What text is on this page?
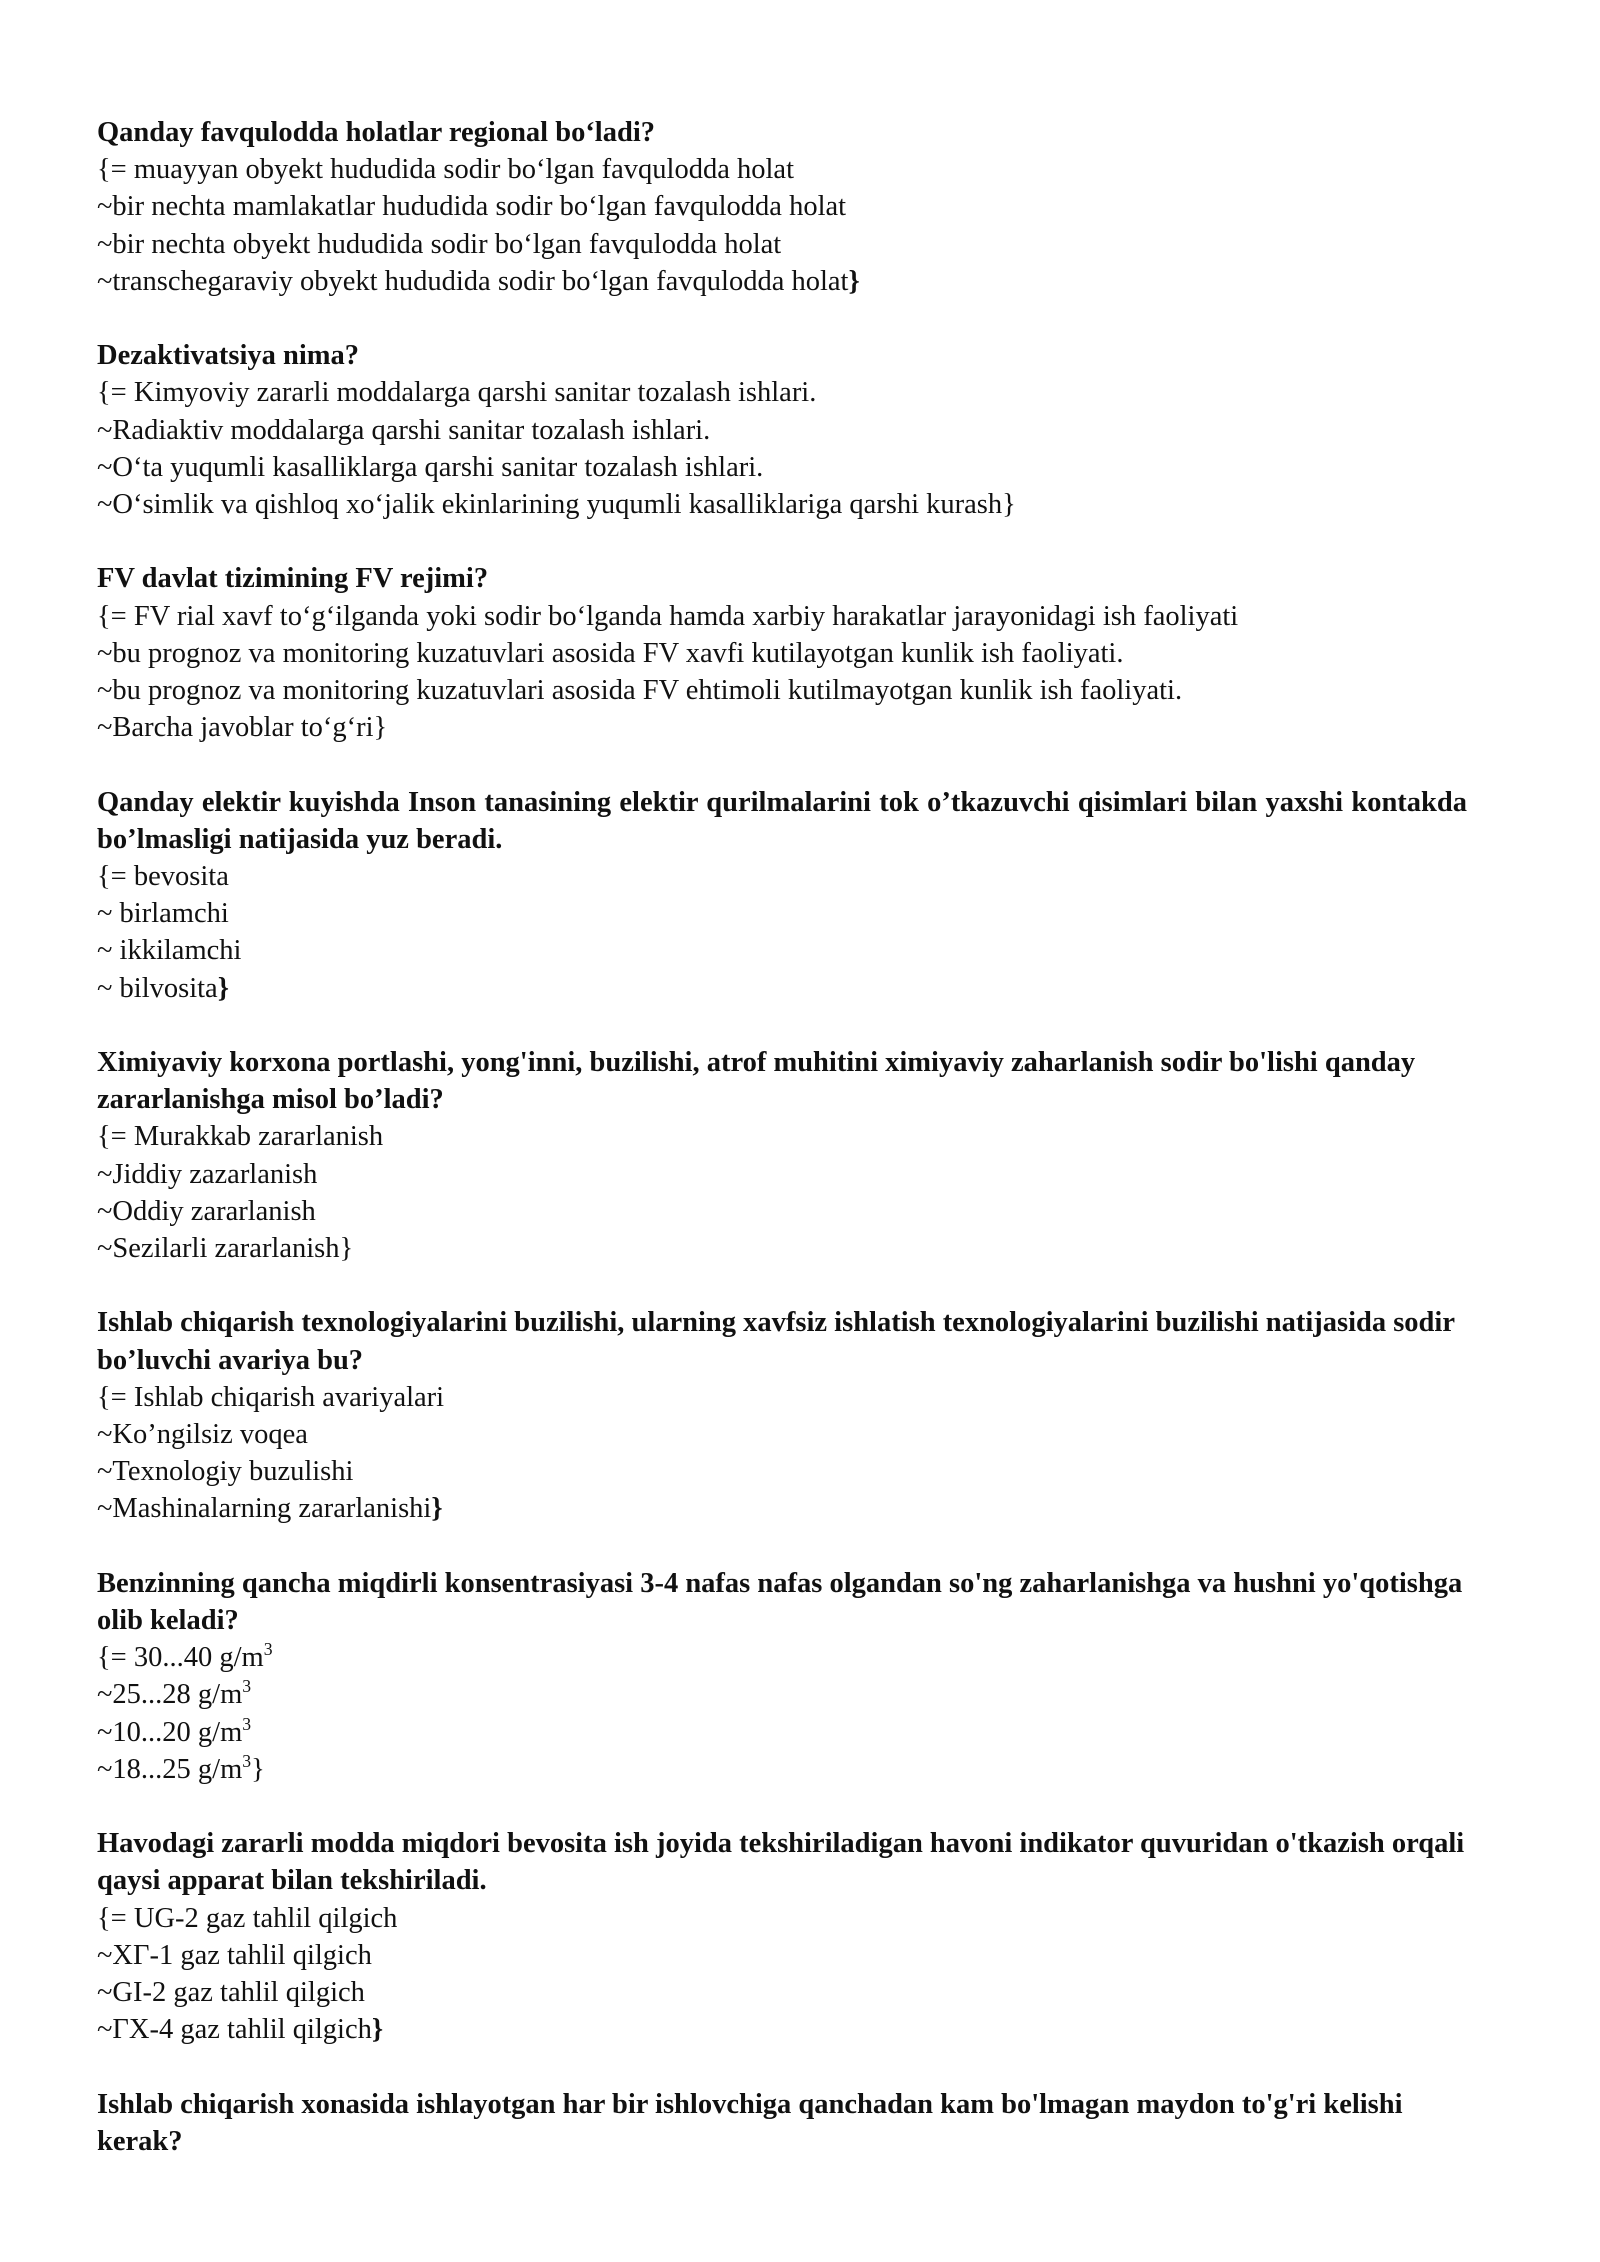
Qanday favqulodda holatlar regional bo‘ladi?

{= muayyan obyekt hududida sodir bo‘lgan favqulodda holat
~bir nechta mamlakatlar hududida sodir bo‘lgan favqulodda holat
~bir nechta obyekt hududida sodir bo‘lgan favqulodda holat
~transchegaraviy obyekt hududida sodir bo‘lgan favqulodda holat}

Dezaktivatsiya nima?

{= Kimyoviy zararli moddalarga qarshi sanitar tozalash ishlari.
~Radiaktiv moddalarga qarshi sanitar tozalash ishlari.
~O‘ta yuqumli kasalliklarga qarshi sanitar tozalash ishlari.
~O‘simlik va qishloq xo‘jalik ekinlarining yuqumli kasalliklariga qarshi kurash}

FV davlat tizimining FV rejimi?

{= FV rial xavf to‘g‘ilganda yoki sodir bo‘lganda hamda xarbiy harakatlar jarayonidagi ish faoliyati
~bu prognoz va monitoring kuzatuvlari asosida FV xavfi kutilayotgan kunlik ish faoliyati.
~bu prognoz va monitoring kuzatuvlari asosida FV ehtimoli kutilmayotgan kunlik ish faoliyati.
~Barcha javoblar to‘g‘ri}

Qanday elektir kuyishda Inson tanasining elektir qurilmalarini tok o’tkazuvchi qisimlari bilan yaxshi kontakda bo’lmasligi natijasida yuz beradi.

{= bevosita
~ birlamchi
~ ikkilamchi
~ bilvosita}

Ximiyaviy korxona portlashi, yong'inni, buzilishi, atrof muhitini ximiyaviy zaharlanish sodir bo'lishi qanday zararlanishga misol bo’ladi?

{= Murakkab zararlanish
~Jiddiy zazarlanish
~Oddiy zararlanish
~Sezilarli zararlanish}

Ishlab chiqarish texnologiyalarini buzilishi, ularning xavfsiz ishlatish texnologiyalarini buzilishi natijasida sodir bo’luvchi avariya bu?

{= Ishlab chiqarish avariyalari
~Ko’ngilsiz voqea
~Texnologiy buzulishi
~Mashinalarning zararlanishi}

Benzinning qancha miqdirli konsentrasiyasi 3-4 nafas nafas olgandan so'ng zaharlanishga va hushni yo'qotishga olib keladi?

{= 30...40 $g/m^3$
~25...28 $g/m^3$
~10...20 $g/m^3$
~18...25 $g/m^3$}

Havodagi zararli modda miqdori bevosita ish joyida tekshiriladigan havoni indikator quvuridan o'tkazish orqali qaysi apparat bilan tekshiriladi.

{= UG-2 gaz tahlil qilgich
~XГ-1 gaz tahlil qilgich
~GI-2 gaz tahlil qilgich
~ГХ-4 gaz tahlil qilgich}

Ishlab chiqarish xonasida ishlayotgan har bir ishlovchiga qanchadan kam bo'lmagan maydon to'g'ri kelishi kerak?
